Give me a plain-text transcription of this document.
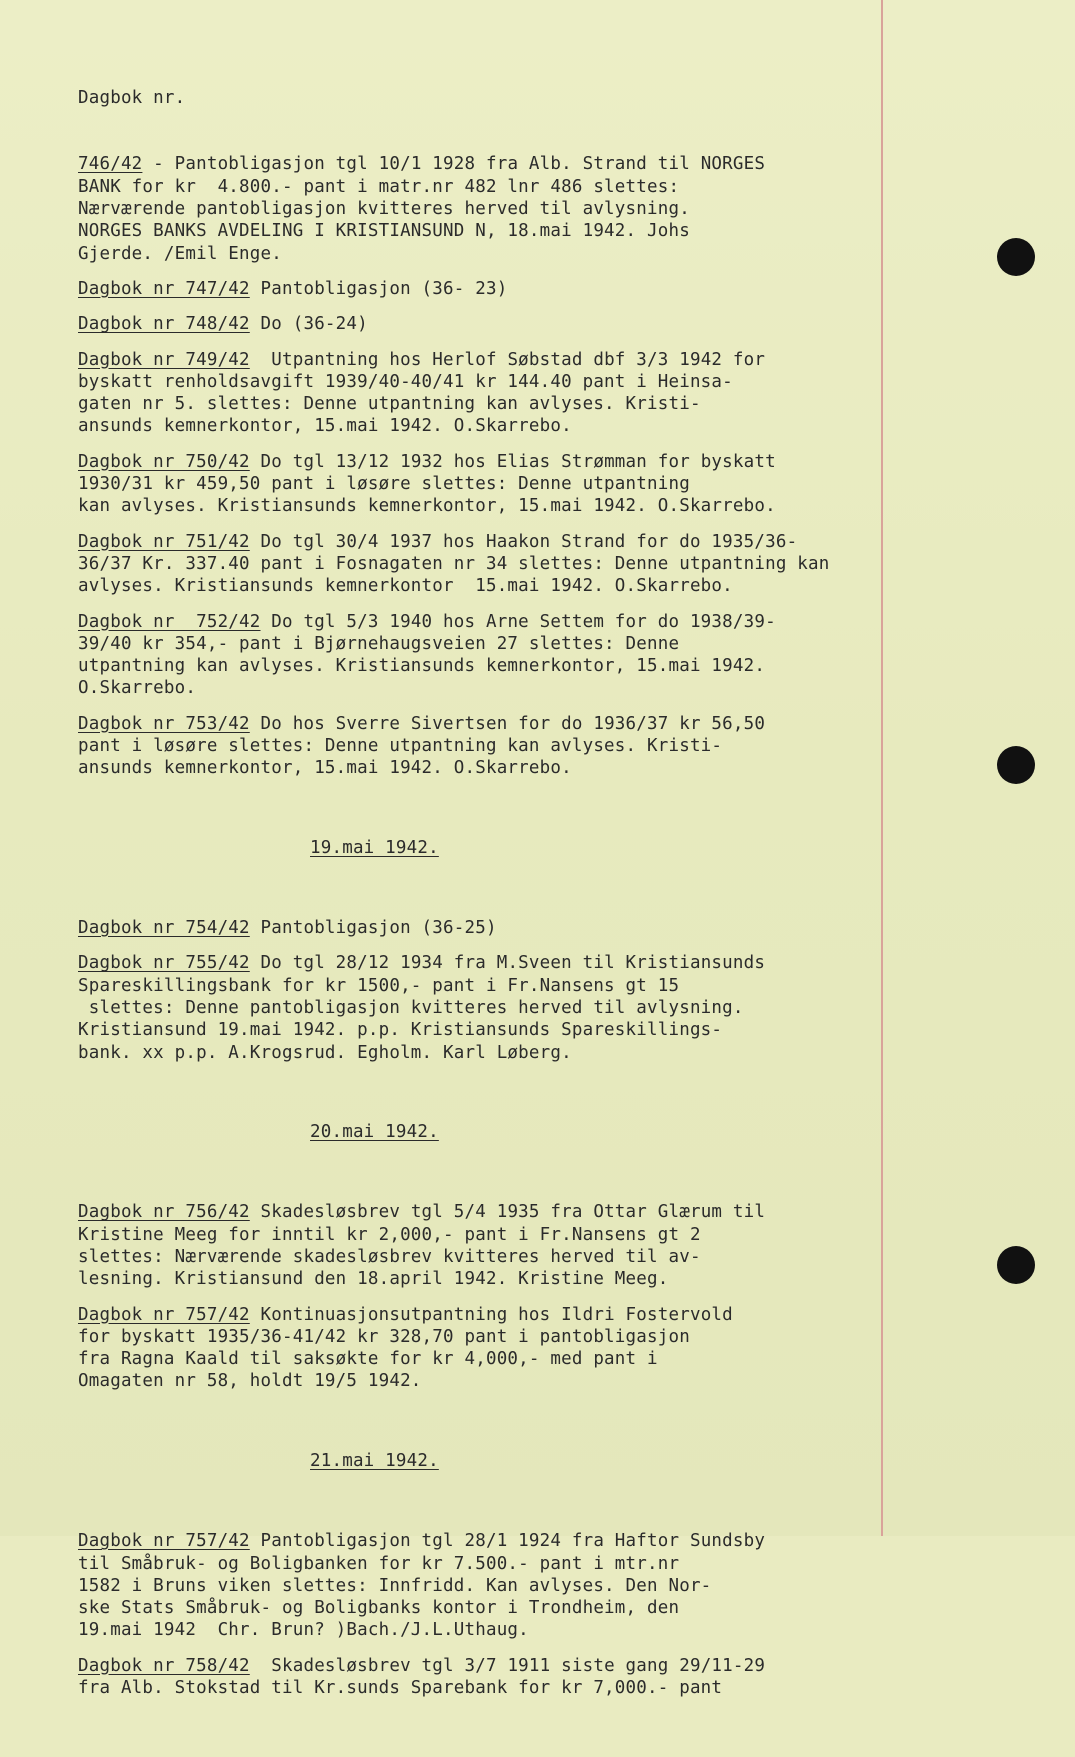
Dagbok nr.

746/42 - Pantobligasjon tgl 10/1 1928 fra Alb. Strand til NORGES
BANK for kr  4.800.- pant i matr.nr 482 lnr 486 slettes:
Nærværende pantobligasjon kvitteres herved til avlysning.
NORGES BANKS AVDELING I KRISTIANSUND N, 18.mai 1942. Johs
Gjerde. /Emil Enge.
Dagbok nr 747/42 Pantobligasjon (36- 23)
Dagbok nr 748/42 Do (36-24)
Dagbok nr 749/42  Utpantning hos Herlof Søbstad dbf 3/3 1942 for
byskatt renholdsavgift 1939/40-40/41 kr 144.40 pant i Heinsa-
gaten nr 5. slettes: Denne utpantning kan avlyses. Kristi-
ansunds kemnerkontor, 15.mai 1942. O.Skarrebo.
Dagbok nr 750/42 Do tgl 13/12 1932 hos Elias Strømman for byskatt
1930/31 kr 459,50 pant i løsøre slettes: Denne utpantning
kan avlyses. Kristiansunds kemnerkontor, 15.mai 1942. O.Skarrebo.
Dagbok nr 751/42 Do tgl 30/4 1937 hos Haakon Strand for do 1935/36-
36/37 Kr. 337.40 pant i Fosnagaten nr 34 slettes: Denne utpantning kan
avlyses. Kristiansunds kemnerkontor  15.mai 1942. O.Skarrebo.
Dagbok nr  752/42 Do tgl 5/3 1940 hos Arne Settem for do 1938/39-
39/40 kr 354,- pant i Bjørnehaugsveien 27 slettes: Denne
utpantning kan avlyses. Kristiansunds kemnerkontor, 15.mai 1942.
O.Skarrebo.
Dagbok nr 753/42 Do hos Sverre Sivertsen for do 1936/37 kr 56,50
pant i løsøre slettes: Denne utpantning kan avlyses. Kristi-
ansunds kemnerkontor, 15.mai 1942. O.Skarrebo.

19.mai 1942.

Dagbok nr 754/42 Pantobligasjon (36-25)
Dagbok nr 755/42 Do tgl 28/12 1934 fra M.Sveen til Kristiansunds
Spareskillingsbank for kr 1500,- pant i Fr.Nansens gt 15
slettes: Denne pantobligasjon kvitteres herved til avlysning.
Kristiansund 19.mai 1942. p.p. Kristiansunds Spareskillings-
bank. xx p.p. A.Krogsrud. Egholm. Karl Løberg.

20.mai 1942.

Dagbok nr 756/42 Skadesløsbrev tgl 5/4 1935 fra Ottar Glærum til
Kristine Meeg for inntil kr 2,000,- pant i Fr.Nansens gt 2
slettes: Nærværende skadesløsbrev kvitteres herved til av-
lesning. Kristiansund den 18.april 1942. Kristine Meeg.
Dagbok nr 757/42 Kontinuasjonsutpantning hos Ildri Fostervold
for byskatt 1935/36-41/42 kr 328,70 pant i pantobligasjon
fra Ragna Kaald til saksøkte for kr 4,000,- med pant i
Omagaten nr 58, holdt 19/5 1942.

21.mai 1942.

Dagbok nr 757/42 Pantobligasjon tgl 28/1 1924 fra Haftor Sundsby
til Småbruk- og Boligbanken for kr 7.500.- pant i mtr.nr
1582 i Bruns viken slettes: Innfridd. Kan avlyses. Den Nor-
ske Stats Småbruk- og Boligbanks kontor i Trondheim, den
19.mai 1942  Chr. Brun? )Bach./J.L.Uthaug.
Dagbok nr 758/42  Skadesløsbrev tgl 3/7 1911 siste gang 29/11-29
fra Alb. Stokstad til Kr.sunds Sparebank for kr 7,000.- pant
